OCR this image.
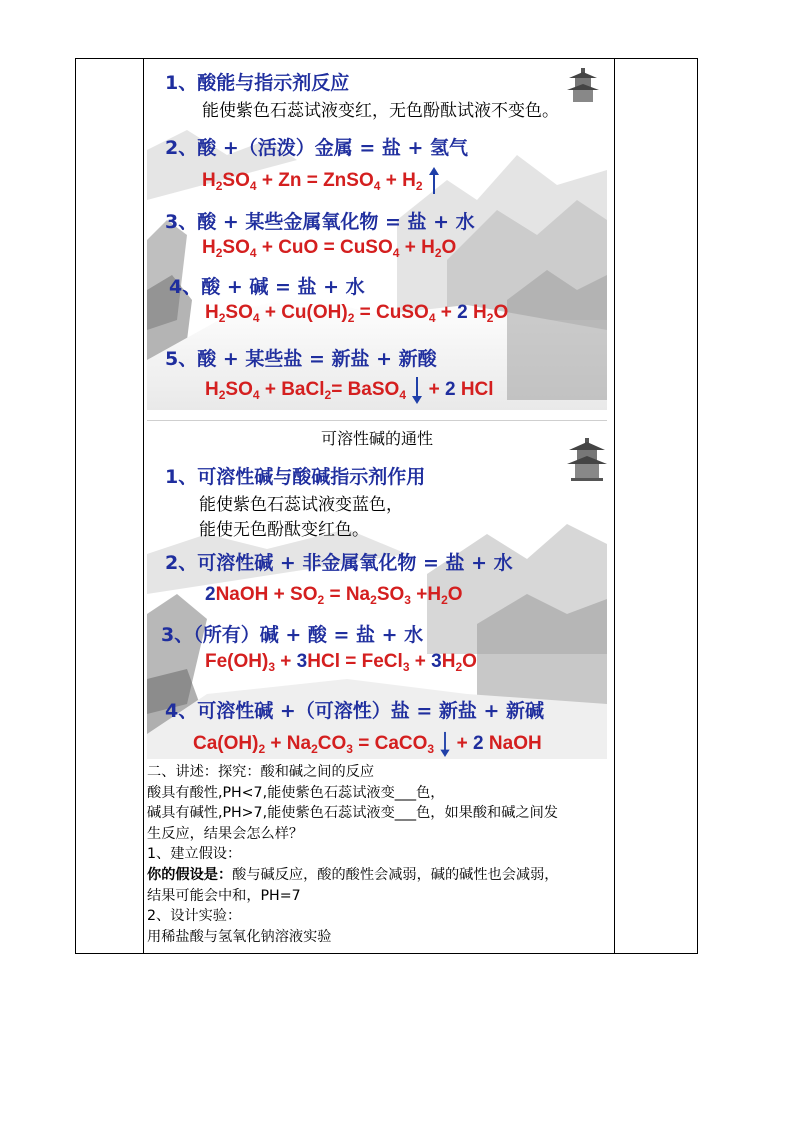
1、酸能与指示剂反应
能使紫色石蕊试液变红，无色酚酞试液不变色。
2、酸 +（活泼）金属 = 盐 + 氢气
$H_2SO_4 + Zn$ = ZnSO$_4$ + $H_2$
3、酸 + 某些金属氧化物 = 盐 + 水
$H_2SO_4$ + CuO = CuSO$_4$ + $H_2O$
4、酸 + 碱 = 盐 + 水
$H_2SO_4 + Cu(OH)_2$ = CuSO$_4$ + 2 $H_2O$
5、酸 + 某些盐 = 新盐 + 新酸
$H_2SO_4$ + BaCl$_2$= BaSO$_4$  + 2 HCl
可溶性碱的通性
1、可溶性碱与酸碱指示剂作用
能使紫色石蕊试液变蓝色，
能使无色酚酞变红色。
2、可溶性碱 + 非金属氧化物 = 盐 + 水
2NaOH + $SO_2 = Na_2SO_3 +H_2O$
3、（所有）碱 + 酸 = 盐 + 水
$Fe(OH)_3 + 3HCl$ = FeCl$_3$ + $3H_2O$
4、可溶性碱 +（可溶性）盐 = 新盐 + 新碱
$Ca(OH)_2 + Na_2CO_3$ = CaCO$_3$  + 2 NaOH
二、讲述：探究：酸和碱之间的反应
酸具有酸性,PH<7,能使紫色石蕊试液变___色，
碱具有碱性,PH>7,能使紫色石蕊试液变___色，如果酸和碱之间发
生反应，结果会怎么样？
1、建立假设：
你的假设是：酸与碱反应，酸的酸性会减弱，碱的碱性也会减弱，
结果可能会中和，PH=7
2、设计实验：
用稀盐酸与氢氧化钠溶液实验
